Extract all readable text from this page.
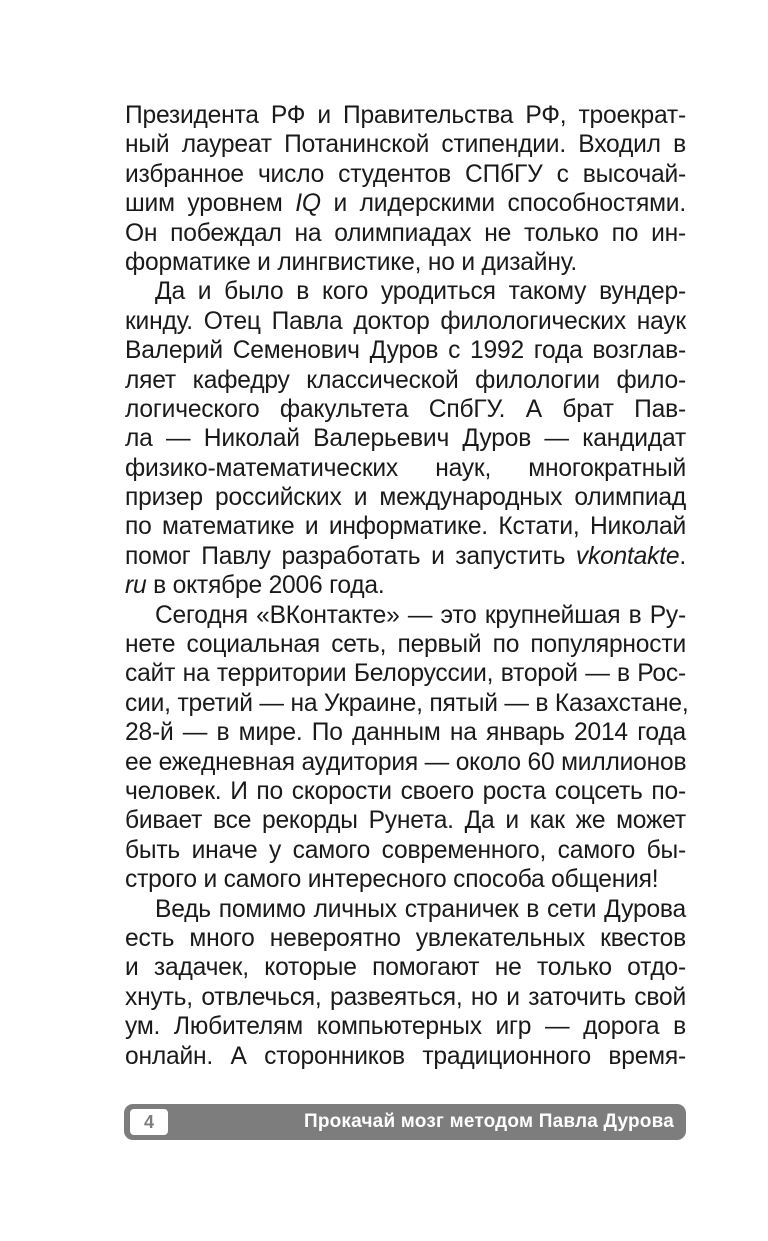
Президента РФ и Правительства РФ, троекрат-
ный лауреат Потанинской стипендии. Входил в
избранное число студентов СПбГУ с высочай-
шим уровнем IQ и лидерскими способностями.
Он побеждал на олимпиадах не только по ин-
форматике и лингвистике, но и дизайну.
Да и было в кого уродиться такому вундер-
кинду. Отец Павла доктор филологических наук
Валерий Семенович Дуров с 1992 года возглав-
ляет кафедру классической филологии фило-
логического факультета СпбГУ. А брат Пав-
ла — Николай Валерьевич Дуров — кандидат
физико-математических наук, многократный
призер российских и международных олимпиад
по математике и информатике. Кстати, Николай
помог Павлу разработать и запустить vkontakte.
ru в октябре 2006 года.
Сегодня «ВКонтакте» — это крупнейшая в Ру-
нете социальная сеть, первый по популярности
сайт на территории Белоруссии, второй — в Рос-
сии, третий — на Украине, пятый — в Казахстане,
28-й — в мире. По данным на январь 2014 года
ее ежедневная аудитория — около 60 миллионов
человек. И по скорости своего роста соцсеть по-
бивает все рекорды Рунета. Да и как же может
быть иначе у самого современного, самого бы-
строго и самого интересного способа общения!
Ведь помимо личных страничек в сети Дурова
есть много невероятно увлекательных квестов
и задачек, которые помогают не только отдо-
хнуть, отвлечься, развеяться, но и заточить свой
ум. Любителям компьютерных игр — дорога в
онлайн. А сторонников традиционного время-
4	Прокачай мозг методом Павла Дурова
